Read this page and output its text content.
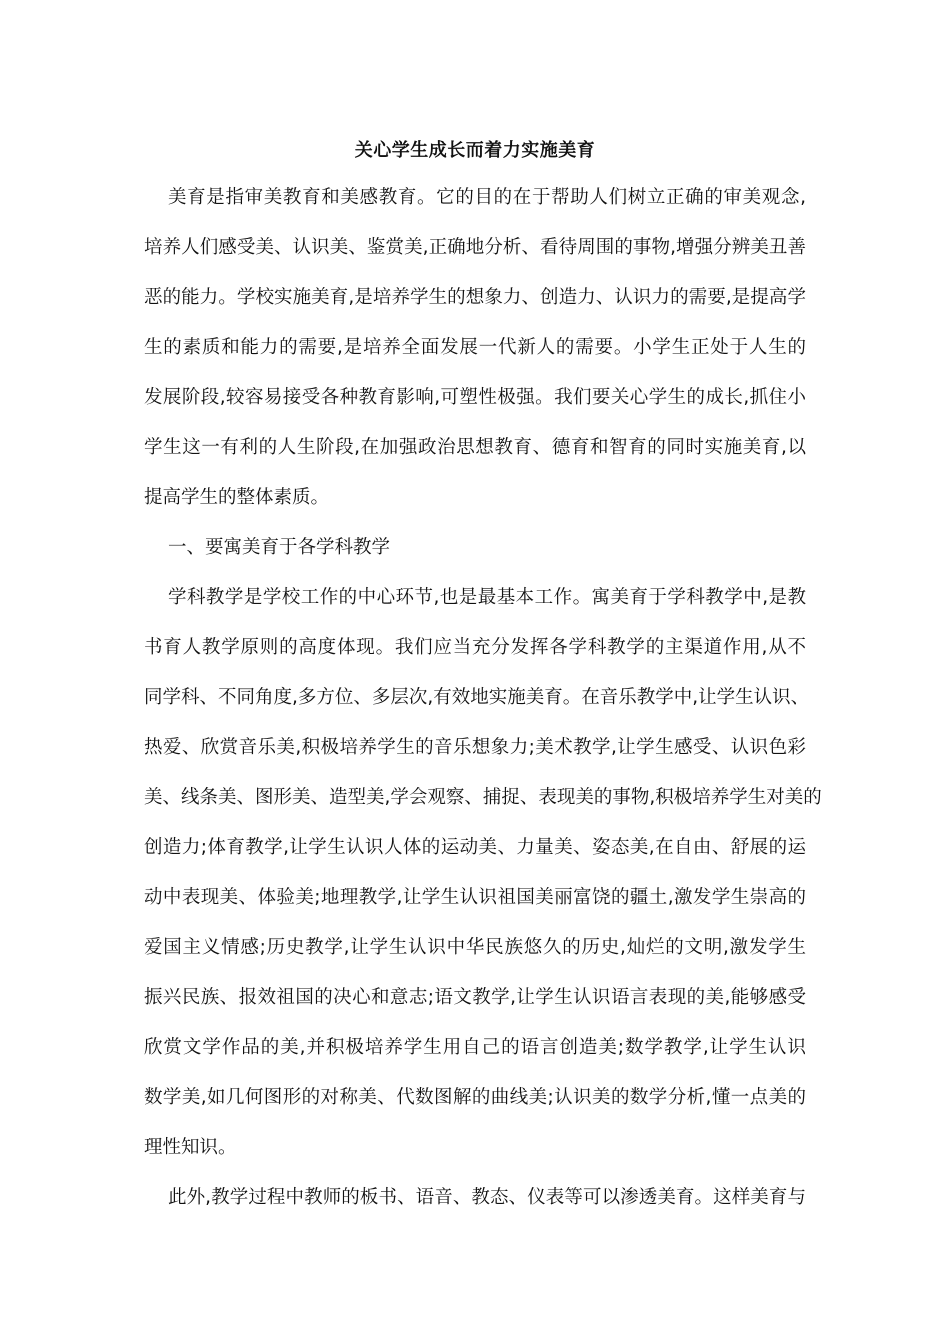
关心学生成长而着力实施美育
美育是指审美教育和美感教育。它的目的在于帮助人们树立正确的审美观念,
培养人们感受美、认识美、鉴赏美,正确地分析、看待周围的事物,增强分辨美丑善
恶的能力。学校实施美育,是培养学生的想象力、创造力、认识力的需要,是提高学
生的素质和能力的需要,是培养全面发展一代新人的需要。小学生正处于人生的
发展阶段,较容易接受各种教育影响,可塑性极强。我们要关心学生的成长,抓住小
学生这一有利的人生阶段,在加强政治思想教育、德育和智育的同时实施美育,以
提高学生的整体素质。
一、要寓美育于各学科教学
学科教学是学校工作的中心环节,也是最基本工作。寓美育于学科教学中,是教
书育人教学原则的高度体现。我们应当充分发挥各学科教学的主渠道作用,从不
同学科、不同角度,多方位、多层次,有效地实施美育。在音乐教学中,让学生认识、
热爱、欣赏音乐美,积极培养学生的音乐想象力;美术教学,让学生感受、认识色彩
美、线条美、图形美、造型美,学会观察、捕捉、表现美的事物,积极培养学生对美的
创造力;体育教学,让学生认识人体的运动美、力量美、姿态美,在自由、舒展的运
动中表现美、体验美;地理教学,让学生认识祖国美丽富饶的疆土,激发学生崇高的
爱国主义情感;历史教学,让学生认识中华民族悠久的历史,灿烂的文明,激发学生
振兴民族、报效祖国的决心和意志;语文教学,让学生认识语言表现的美,能够感受
欣赏文学作品的美,并积极培养学生用自己的语言创造美;数学教学,让学生认识
数学美,如几何图形的对称美、代数图解的曲线美;认识美的数学分析,懂一点美的
理性知识。
此外,教学过程中教师的板书、语音、教态、仪表等可以渗透美育。这样美育与
